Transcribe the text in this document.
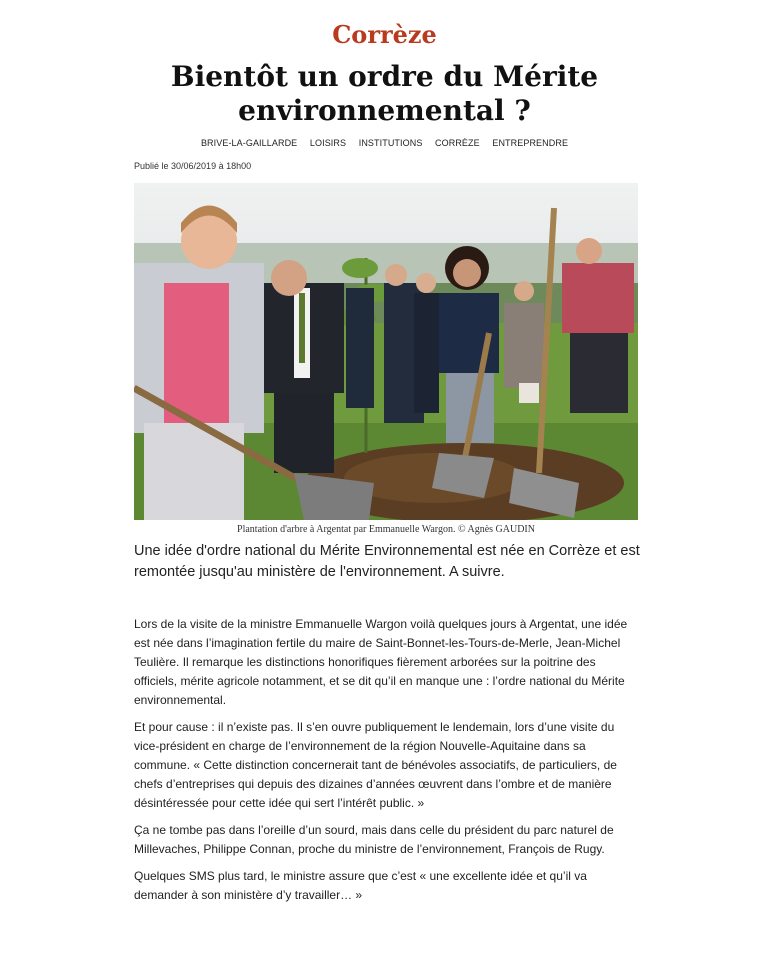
Corrèze
Bientôt un ordre du Mérite environnemental ?
BRIVE-LA-GAILLARDE LOISIRS INSTITUTIONS CORRÈZE ENTREPRENDRE
Publié le 30/06/2019 à 18h00
Plantation d'arbre à Argentat par Emmanuelle Wargon. © Agnès GAUDIN
Une idée d'ordre national du Mérite Environnemental est née en Corrèze et est remontée jusqu'au ministère de l'environnement. A suivre.

Lors de la visite de la ministre Emmanuelle Wargon voilà quelques jours à Argentat, une idée est née dans l’imagination fertile du maire de Saint-Bonnet-les-Tours-de-Merle, Jean-Michel Teulière. Il remarque les distinctions honorifiques fièrement arborées sur la poitrine des officiels, mérite agricole notamment, et se dit qu’il en manque une : l’ordre national du Mérite environnemental.

Et pour cause : il n’existe pas. Il s’en ouvre publiquement le lendemain, lors d’une visite du vice-président en charge de l’environnement de la région Nouvelle-Aquitaine dans sa commune. « Cette distinction concernerait tant de bénévoles associatifs, de particuliers, de chefs d’entreprises qui depuis des dizaines d’années œuvrent dans l’ombre et de manière désintéressée pour cette idée qui sert l’intérêt public. »

Ça ne tombe pas dans l’oreille d’un sourd, mais dans celle du président du parc naturel de Millevaches, Philippe Connan, proche du ministre de l’environnement, François de Rugy.

Quelques SMS plus tard, le ministre assure que c’est « une excellente idée et qu’il va demander à son ministère d’y travailler… »
